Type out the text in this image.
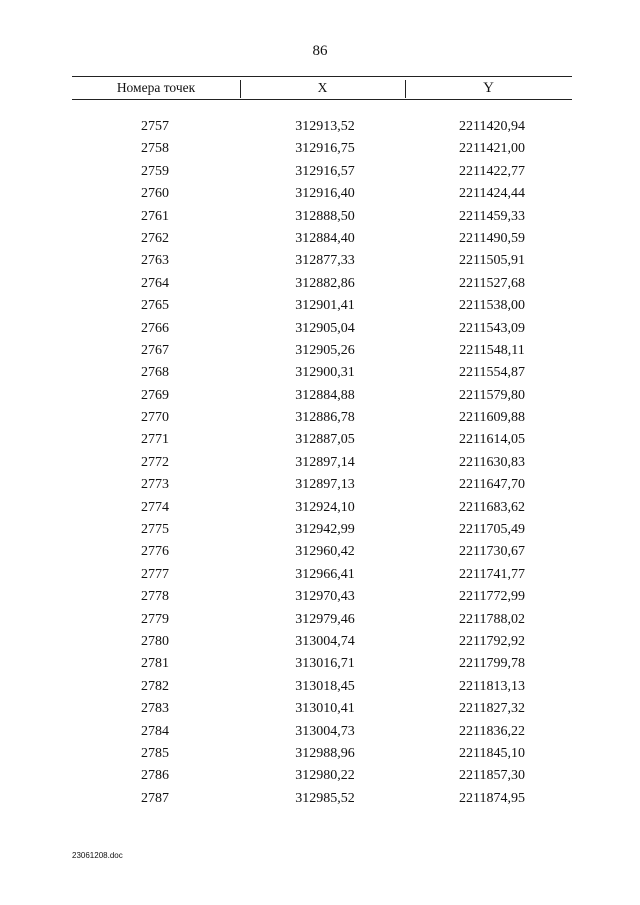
86
Номера точек	X	Y
2757	312913,52	2211420,94
2758	312916,75	2211421,00
2759	312916,57	2211422,77
2760	312916,40	2211424,44
2761	312888,50	2211459,33
2762	312884,40	2211490,59
2763	312877,33	2211505,91
2764	312882,86	2211527,68
2765	312901,41	2211538,00
2766	312905,04	2211543,09
2767	312905,26	2211548,11
2768	312900,31	2211554,87
2769	312884,88	2211579,80
2770	312886,78	2211609,88
2771	312887,05	2211614,05
2772	312897,14	2211630,83
2773	312897,13	2211647,70
2774	312924,10	2211683,62
2775	312942,99	2211705,49
2776	312960,42	2211730,67
2777	312966,41	2211741,77
2778	312970,43	2211772,99
2779	312979,46	2211788,02
2780	313004,74	2211792,92
2781	313016,71	2211799,78
2782	313018,45	2211813,13
2783	313010,41	2211827,32
2784	313004,73	2211836,22
2785	312988,96	2211845,10
2786	312980,22	2211857,30
2787	312985,52	2211874,95
23061208.doc
